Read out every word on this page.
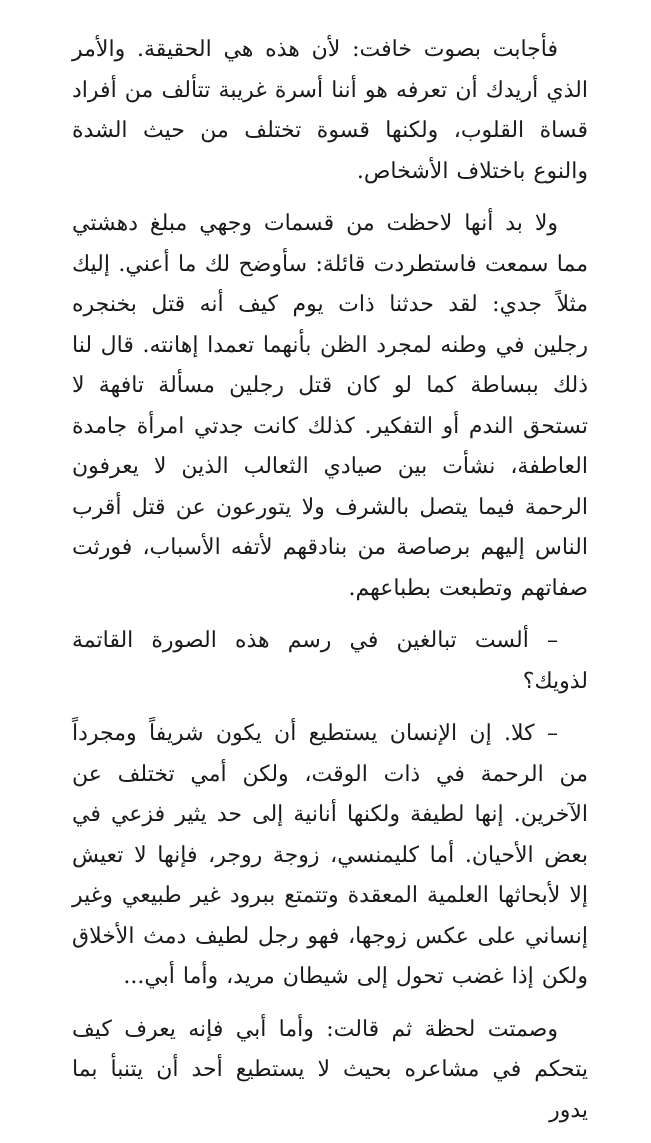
فأجابت بصوت خافت: لأن هذه هي الحقيقة. والأمر الذي أريدك أن تعرفه هو أننا أسرة غريبة تتألف من أفراد قساة القلوب، ولكنها قسوة تختلف من حيث الشدة والنوع باختلاف الأشخاص.

ولا بد أنها لاحظت من قسمات وجهي مبلغ دهشتي مما سمعت فاستطردت قائلة: سأوضح لك ما أعني. إليك مثلاً جدي: لقد حدثنا ذات يوم كيف أنه قتل بخنجره رجلين في وطنه لمجرد الظن بأنهما تعمدا إهانته. قال لنا ذلك ببساطة كما لو كان قتل رجلين مسألة تافهة لا تستحق الندم أو التفكير. كذلك كانت جدتي امرأة جامدة العاطفة، نشأت بين صيادي الثعالب الذين لا يعرفون الرحمة فيما يتصل بالشرف ولا يتورعون عن قتل أقرب الناس إليهم برصاصة من بنادقهم لأتفه الأسباب، فورثت صفاتهم وتطبعت بطباعهم.

– ألست تبالغين في رسم هذه الصورة القاتمة لذويك؟

– كلا. إن الإنسان يستطيع أن يكون شريفاً ومجرداً من الرحمة في ذات الوقت، ولكن أمي تختلف عن الآخرين. إنها لطيفة ولكنها أنانية إلى حد يثير فزعي في بعض الأحيان. أما كليمنسي، زوجة روجر، فإنها لا تعيش إلا لأبحاثها العلمية المعقدة وتتمتع ببرود غير طبيعي وغير إنساني على عكس زوجها، فهو رجل لطيف دمث الأخلاق ولكن إذا غضب تحول إلى شيطان مريد، وأما أبي...

وصمتت لحظة ثم قالت: وأما أبي فإنه يعرف كيف يتحكم في مشاعره بحيث لا يستطيع أحد أن يتنبأ بما يدور
